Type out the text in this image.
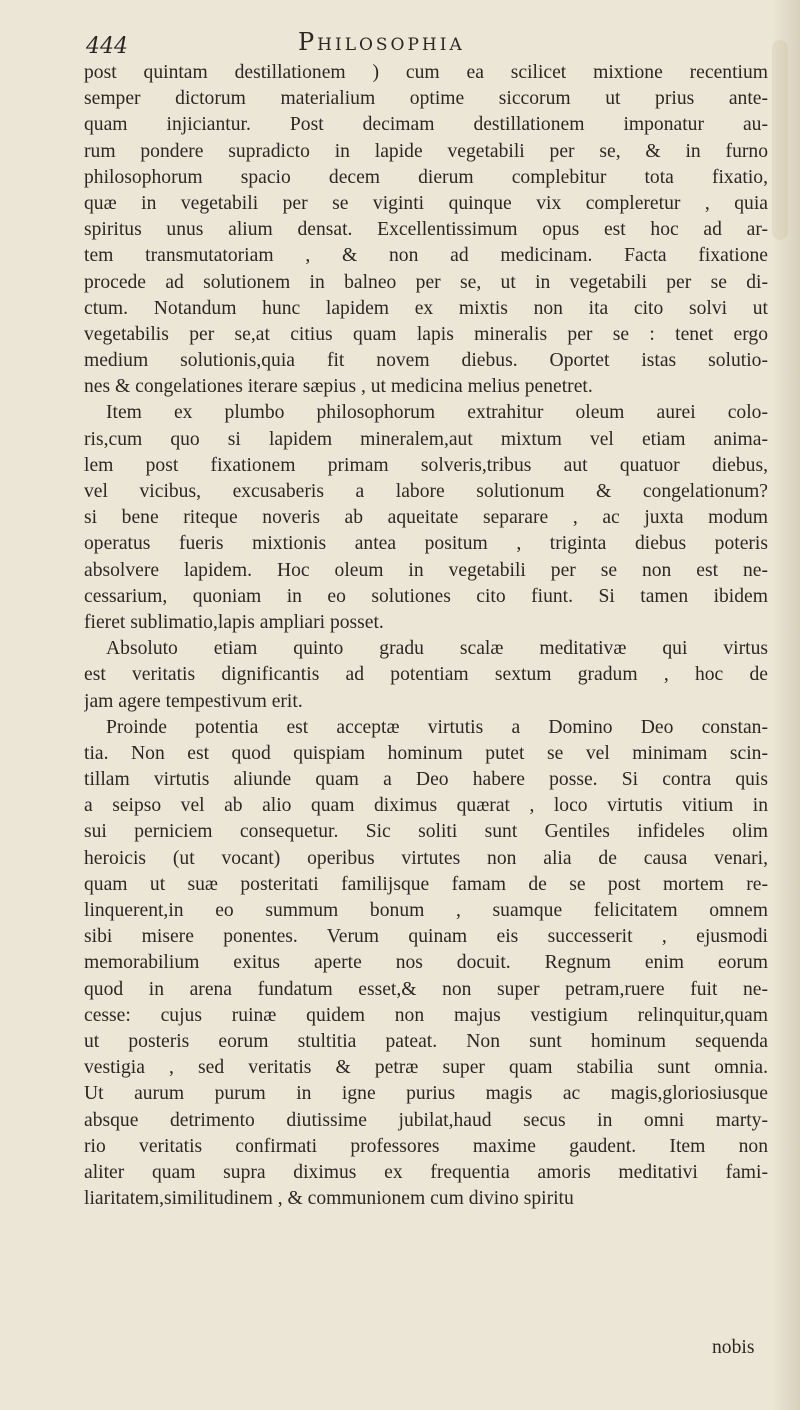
444	Philosophia
post quintam destillationem ) cum ea scilicet mixtione recentium
semper dictorum materialium optime siccorum ut prius ante-
quam injiciantur. Post decimam destillationem imponatur au-
rum pondere supradicto in lapide vegetabili per se, & in furno
philosophorum spacio decem dierum complebitur tota fixatio,
quæ in vegetabili per se viginti quinque vix compleretur , quia
spiritus unus alium densat. Excellentissimum opus est hoc ad ar-
tem transmutatoriam , & non ad medicinam. Facta fixatione
procede ad solutionem in balneo per se, ut in vegetabili per se di-
ctum. Notandum hunc lapidem ex mixtis non ita cito solvi ut
vegetabilis per se,at citius quam lapis mineralis per se : tenet ergo
medium solutionis,quia fit novem diebus. Oportet istas solutio-
nes & congelationes iterare sæpius , ut medicina melius penetret.
Item ex plumbo philosophorum extrahitur oleum aurei colo-
ris,cum quo si lapidem mineralem,aut mixtum vel etiam anima-
lem post fixationem primam solveris,tribus aut quatuor diebus,
vel vicibus, excusaberis a labore solutionum & congelationum?
si bene riteque noveris ab aqueitate separare , ac juxta modum
operatus fueris mixtionis antea positum , triginta diebus poteris
absolvere lapidem. Hoc oleum in vegetabili per se non est ne-
cessarium, quoniam in eo solutiones cito fiunt. Si tamen ibidem
fieret sublimatio,lapis ampliari posset.
Absoluto etiam quinto gradu scalæ meditativæ qui virtus
est veritatis dignificantis ad potentiam sextum gradum , hoc de
jam agere tempestivum erit.
Proinde potentia est acceptæ virtutis a Domino Deo constan-
tia. Non est quod quispiam hominum putet se vel minimam scin-
tillam virtutis aliunde quam a Deo habere posse. Si contra quis
a seipso vel ab alio quam diximus quærat , loco virtutis vitium in
sui perniciem consequetur. Sic soliti sunt Gentiles infideles olim
heroicis (ut vocant) operibus virtutes non alia de causa venari,
quam ut suæ posteritati familijsque famam de se post mortem re-
linquerent,in eo summum bonum , suamque felicitatem omnem
sibi misere ponentes. Verum quinam eis successerit , ejusmodi
memorabilium exitus aperte nos docuit. Regnum enim eorum
quod in arena fundatum esset,& non super petram,ruere fuit ne-
cesse: cujus ruinæ quidem non majus vestigium relinquitur,quam
ut posteris eorum stultitia pateat. Non sunt hominum sequenda
vestigia , sed veritatis & petræ super quam stabilia sunt omnia.
Ut aurum purum in igne purius magis ac magis,gloriosiusque
absque detrimento diutissime jubilat,haud secus in omni marty-
rio veritatis confirmati professores maxime gaudent. Item non
aliter quam supra diximus ex frequentia amoris meditativi fami-
liaritatem,similitudinem , & communionem cum divino spiritu
nobis
